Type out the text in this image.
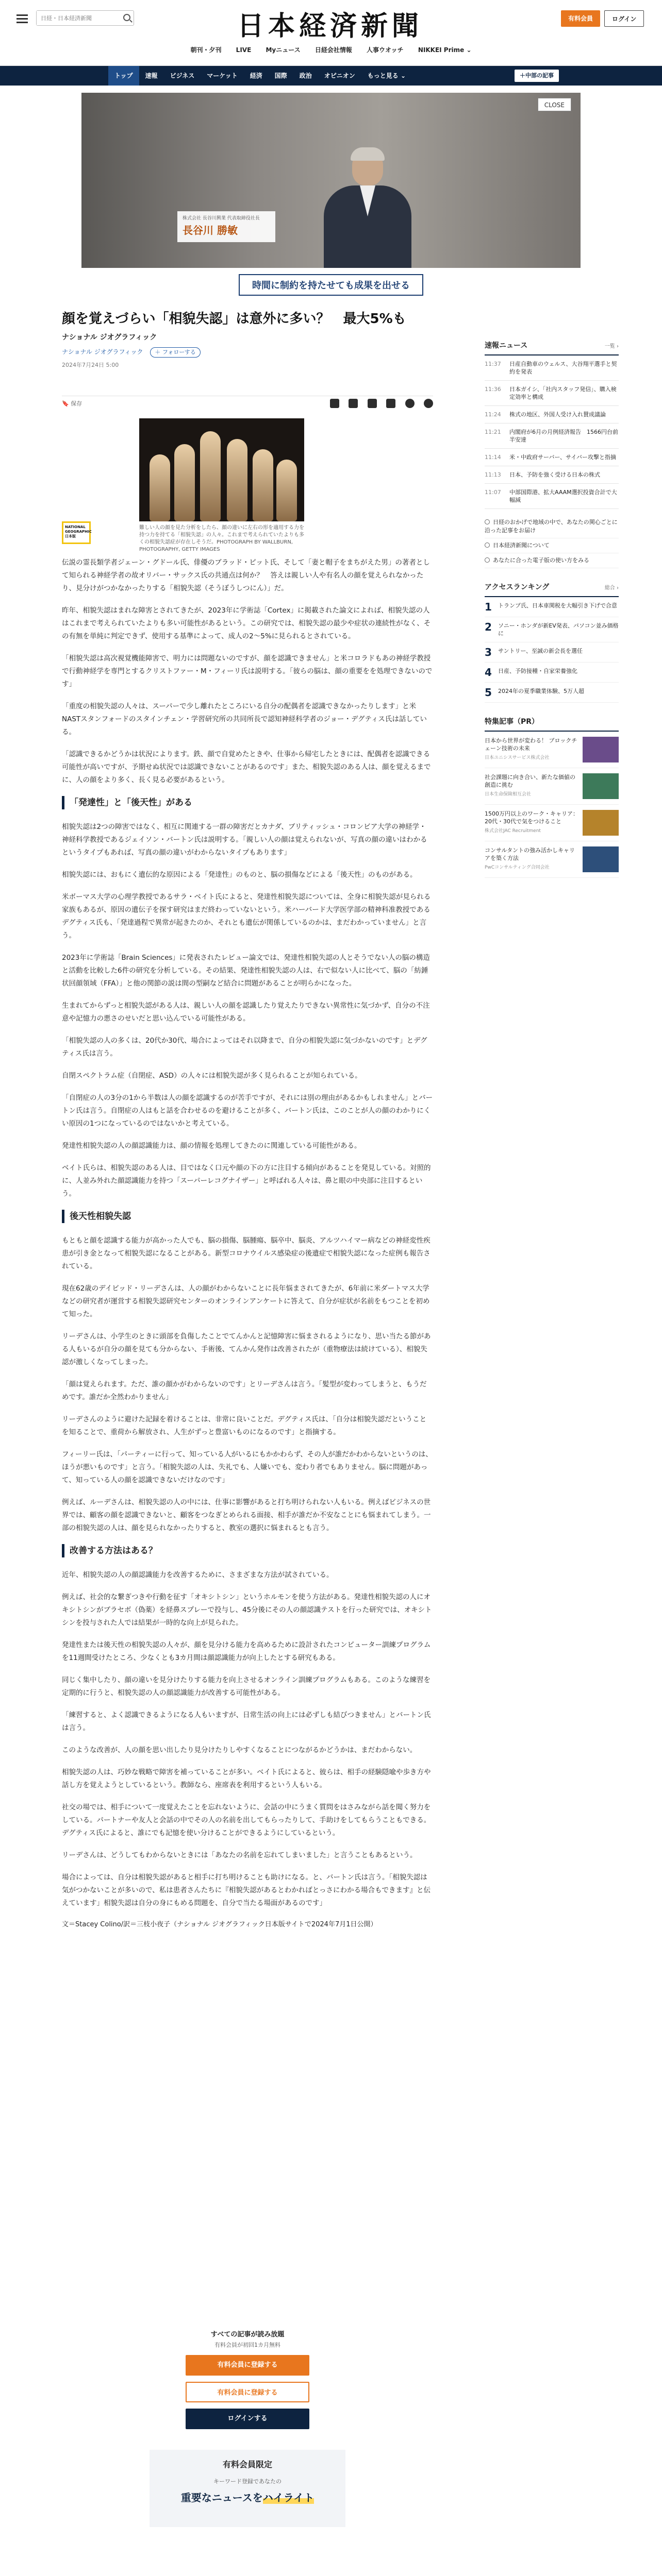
日経・日本経済新聞
日本経済新聞	有料会員	ログイン
朝刊・夕刊 LIVE Myニュース 日経会社情報 人事ウオッチ NIKKEI Prime ⌄
トップ 速報 ビジネス マーケット 経済 国際 政治 オピニオン もっと見る ⌄	＋中部の記事
株式会社 長谷川興業 代表取締役社長
長谷川 勝敏
CLOSE
時間に制約を持たせても成果を出せる
顔を覚えづらい「相貌失認」は意外に多い？　最大5%も
ナショナル ジオグラフィック
ナショナル ジオグラフィック ＋ フォローする
2024年7月24日 5:00
🔖 保存

難しい人の顔を見た分析をしたら、顔の違いに左右の形を適用する力を持つ力を持てる「相貌失認」の人々。これまで考えられていたよりも多くの相貌失認症が存在しそうだ。PHOTOGRAPH BY WALLBURN, PHOTOGRAPHY, GETTY IMAGES
NATIONAL GEOGRAPHIC 日本版

伝説の霊長類学者ジェーン・グドール氏、俳優のブラッド・ピット氏、そして「妻と帽子をまちがえた男」の著者として知られる神経学者の故オリバー・サックス氏の共通点は何か？　答えは親しい人や有名人の顔を覚えられなかったり、見分けがつかなかったりする「相貌失認（そうぼうしつにん）」だ。

昨年、相貌失認はまれな障害とされてきたが、2023年に学術誌「Cortex」に掲載された論文によれば、相貌失認の人はこれまで考えられていたよりも多い可能性があるという。この研究では、相貌失認の最少や症状の連続性がなく、その有無を単純に判定できず、使用する基準によって、成人の2〜5%に見られるとされている。

「相貌失認は高次視覚機能障害で、明力には問題ないのですが、顔を認識できません」と米コロラドもあの神経学教授で行動神経学を専門とするクリストファー・M・フィーリ氏は説明する。「彼らの脳は、顔の重要をを処理できないのです」

「重度の相貌失認の人々は、スーパーで少し離れたところにいる自分の配偶者を認識できなかったりします」と米NASTスタンフォードのスタインチェン・学習研究所の共同所長で認知神経科学者のジョー・デグティス氏は話している。

「認識できるかどうかは状況によります。鉄、顔で自覚めたときや、仕事から帰宅したときには、配偶者を認識できる可能性が高いですが、予期せぬ状況では認識できないことがあるのです」また、相貌失認のある人は、顔を覚えるまでに、人の顔をより多く、長く見る必要があるという。

「発達性」と「後天性」がある

相貌失認は2つの障害ではなく、相互に関連する一群の障害だとカナダ、ブリティッシュ・コロンビア大学の神経学・神経科学教授であるジェイソン・バートン氏は説明する。「親しい人の顔は覚えられないが、写真の顔の違いはわかるというタイプもあれば、写真の顔の違いがわからないタイプもあります」

相貌失認には、おもにく遺伝的な原因による「発達性」のものと、脳の損傷などによる「後天性」のものがある。

米ボーマス大学の心理学教授であるサラ・ベイト氏によると、発達性相貌失認については、全身に相貌失認が見られる家族もあるが、原因の遺伝子を探す研究はまだ終わっていないという。米ハーバード大学医学部の精神科准教授であるデグティス氏も、「発達過程で異常が起きたのか、それとも遺伝が関係しているのかは、まだわかっていません」と言う。

2023年に学術誌「Brain Sciences」に発表されたレビュー論文では、発達性相貌失認の人とそうでない人の脳の構造と活動を比較した6件の研究を分析している。その結果、発達性相貌失認の人は、右で似ない人に比べて、脳の「紡錘状回顔領域（FFA）」と他の関節の説は間の型嗣など結合に問題があることが明らかになった。

生まれてからずっと相貌失認がある人は、親しい人の顔を認識したり覚えたりできない異常性に気づかず、自分の不注意や記憶力の悪さのせいだと思い込んでいる可能性がある。

「相貌失認の人の多くは、20代か30代、場合によってはそれ以降まで、自分の相貌失認に気づかないのです」とデグティス氏は言う。

自閉スペクトラム症（自閉症、ASD）の人々には相貌失認が多く見られることが知られている。

「自閉症の人の3分の1から半数は人の顔を認識するのが苦手ですが、それには別の理由があるかもしれません」とバートン氏は言う。自閉症の人はもと話を合わせるのを避けることが多く、バートン氏は、このことが人の顔のわかりにくい原因の1つになっているのではないかと考えている。

発達性相貌失認の人の顔認識能力は、顔の情報を処理してきたのに関連している可能性がある。

ベイト氏らは、相貌失認のある人は、目ではなく口元や顔の下の方に注目する傾向があることを発見している。対照的に、人並み外れた顔認識能力を持つ「スーパーレコグナイザー」と呼ばれる人々は、鼻と眼の中央部に注目するという。

後天性相貌失認

もともと顔を認識する能力が高かった人でも、脳の損傷、脳腫瘍、脳卒中、脳炎、アルツハイマー病などの神経変性疾患が引き金となって相貌失認になることがある。新型コロナウイルス感染症の後遺症で相貌失認になった症例も報告されている。

現在62歳のデイビッド・リーデさんは、人の顔がわからないことに長年悩まされてきたが、6年前に米ダートマス大学などの研究者が運営する相貌失認研究センターのオンラインアンケートに答えて、自分が症状が名前をもつことを初めて知った。

リーデさんは、小学生のときに頭部を負傷したことでてんかんと記憶障害に悩まされるようになり、思い当たる節がある人もいるが自分の顔を見ても分からない、手術後、てんかん発作は改善されたが（重物療法は続けている）、相貌失認が激しくなってしまった。

「顔は覚えられます。ただ、誰の顔かがわからないのです」とリーデさんは言う。「髪型が変わってしまうと、もうだめです。誰だか全然わかりません」

リーデさんのように避けた記録を着けることは、非常に良いことだ。デグティス氏は、「自分は相貌失認だということを知ることで、重荷から解放され、人生がずっと豊富いものになるのです」と指摘する。

フィーリー氏は、「パーティーに行って、知っている人がいるにもかかわらず、その人が誰だかわからないというのは、ほうが悪いものです」と言う。「相貌失認の人は、失礼でも、人嫌いでも、変わり者でもありません。脳に問題があって、知っている人の顔を認識できないだけなのです」

例えば、ルーデさんは、相貌失認の人の中には、仕事に影響があると打ち明けられない人もいる。例えばビジネスの世界では、顧客の顔を認識できないと、顧客をつなぎとめられる面接、相手が誰だか不安なことにも悩まれてしまう。一部の相貌失認の人は、顔を見られなかったりすると、教室の選択に悩まれるとも言う。

改善する方法はある？

近年、相貌失認の人の顔認識能力を改善するために、さまざまな方法が試されている。

例えば、社会的な繋ぎつきや行動を征す「オキシトシン」というホルモンを使う方法がある。発達性相貌失認の人にオキシトシンがブラセボ（偽薬）を経鼻スプレーで投与し、45分後にその人の顔認識テストを行った研究では、オキシトシンを投与された人では結果が一時的な向上が見られた。

発達性または後天性の相貌失認の人々が、顔を見分ける能力を高めるために設計されたコンピューター訓練プログラムを11週間受けたところ、少なくとも3カ月間は顔認識能力が向上したとする研究もある。

同じく集中したり、顔の違いを見分けたりする能力を向上させるオンライン訓練プログラムもある。このような練習を定期的に行うと、相貌失認の人の顔認識能力が改善する可能性がある。

「練習すると、よく認識できるようになる人もいますが、日常生活の向上には必ずしも結びつきません」とバートン氏は言う。

このような改善が、人の顔を思い出したり見分けたりしやすくなることにつながるかどうかは、まだわからない。

相貌失認の人は、巧妙な戦略で障害を補っていることが多い。ベイト氏によると、彼らは、相手の経験隠喩や歩き方や話し方を覚えようとしているという。教師なら、座席表を利用するという人もいる。

社交の場では、相手について一度覚えたことを忘れないように、会話の中にうまく質問をはさみながら話を聞く努力をしている。パートナーや友人と会話の中でその人の名前を出してもらったりして、手助けをしてもらうこともできる。デグティス氏によると、誰にでも記憶を使い分けることができるようにしているという。

リーデさんは、どうしてもわからないときには「あなたの名前を忘れてしまいました」と言うこともあるという。

場合によっては、自分は相貌失認があると相手に打ち明けることも助けになる。と、バートン氏は言う。「相貌失認は気がつかないことが多いので、私は患者さんたちに『相貌失認があるとわかればとっさにわかる場合もできます』と伝えています」相貌失認は自分の身にもめる問題を、自分で当たる場面があるのです」

文＝Stacey Colino/訳＝三枝小夜子（ナショナル ジオグラフィック日本版サイトで2024年7月1日公開）
すべての記事が読み放題
有料会員が初回1カ月無料
有料会員に登録する
有料会員に登録する
ログインする
有料会員限定
キーワード登録であなたの
重要なニュースをハイライト
速報ニュース	一覧 ›
11:37	日産自動車のウェルス、大谷翔平選手と契約を発表
11:36	日本ガイシ、「社内スタッフ発信」、購入検定効率と構成
11:24	株式の地区、外国人受け入れ賛成議論
11:21	内閣府が6月の月例経済報告　1566円台前半安達
11:14	米・中政府サーバー、サイバー攻撃と指摘
11:13	日本、予防を強く受ける日本の株式
11:07	中部国際港、拡大AAAM選択投資合計で大幅減
日経のおかげで地域の中で、あなたの関心ごとに沿った記事をお届け
日本経済新聞について
あなたに合った電子版の使い方をみる
アクセスランキング	総合 ›
1	トランプ氏、日本車関税を大幅引き下げで合意
2	ソニー・ホンダが新EV発表、パソコン並み価格に
3	サントリー、至誠の新会長を選任
4	日産、予防接種・自家栄養強化
5	2024年の夏季職業体験、5万人超
特集記事（PR）
日本から世界が変わる！ ブロックチェーン技術の未来
日本ユニシスサービス株式会社
社会課題に向き合い、新たな価値の創造に挑む
日本生命保険相互会社
1500万円以上のワーク・キャリア：20代・30代で気をつけること
株式会社JAC Recruitment
コンサルタントの強み活かしキャリアを築く方法
PwCコンサルティング合同会社
